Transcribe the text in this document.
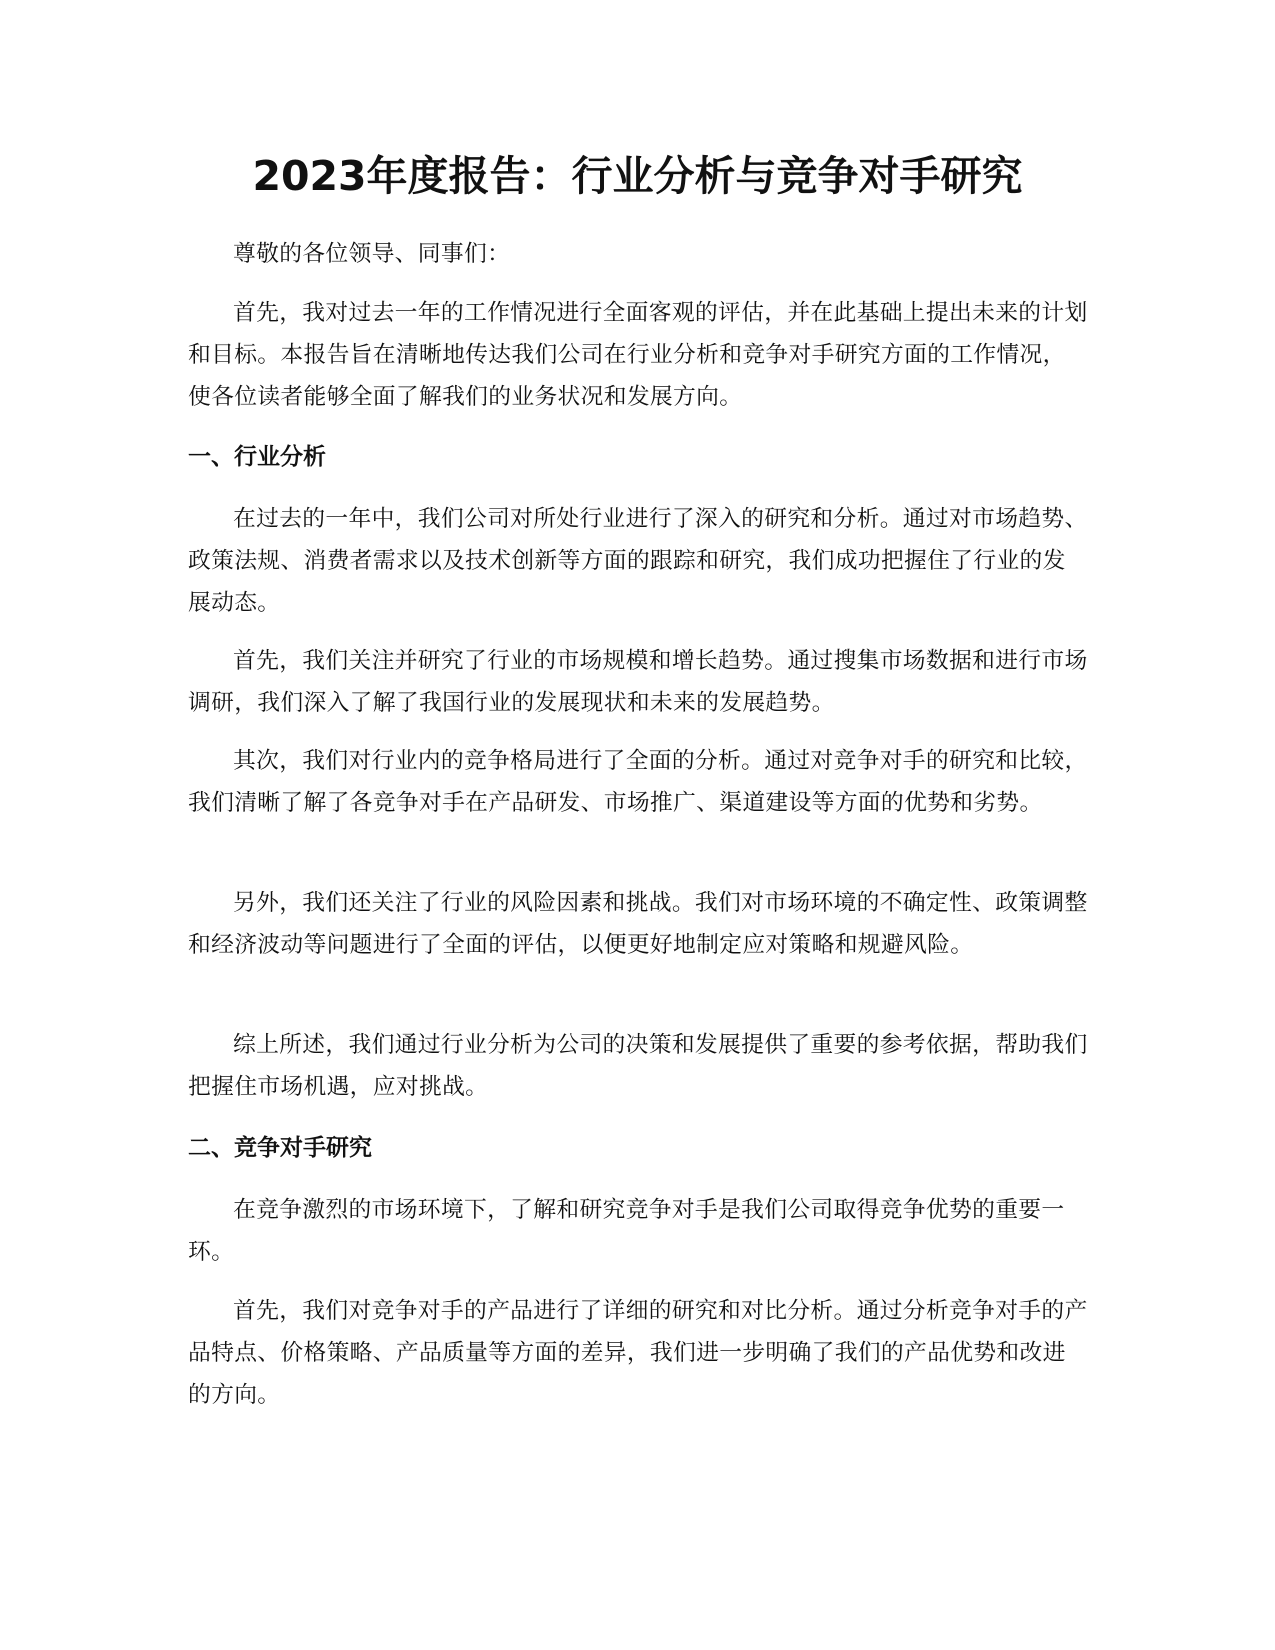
2023年度报告：行业分析与竞争对手研究

尊敬的各位领导、同事们：

首先，我对过去一年的工作情况进行全面客观的评估，并在此基础上提出未来的计划和目标。本报告旨在清晰地传达我们公司在行业分析和竞争对手研究方面的工作情况，使各位读者能够全面了解我们的业务状况和发展方向。

一、行业分析

在过去的一年中，我们公司对所处行业进行了深入的研究和分析。通过对市场趋势、政策法规、消费者需求以及技术创新等方面的跟踪和研究，我们成功把握住了行业的发展动态。

首先，我们关注并研究了行业的市场规模和增长趋势。通过搜集市场数据和进行市场调研，我们深入了解了我国行业的发展现状和未来的发展趋势。

其次，我们对行业内的竞争格局进行了全面的分析。通过对竞争对手的研究和比较，我们清晰了解了各竞争对手在产品研发、市场推广、渠道建设等方面的优势和劣势。

另外，我们还关注了行业的风险因素和挑战。我们对市场环境的不确定性、政策调整和经济波动等问题进行了全面的评估，以便更好地制定应对策略和规避风险。

综上所述，我们通过行业分析为公司的决策和发展提供了重要的参考依据，帮助我们把握住市场机遇，应对挑战。

二、竞争对手研究

在竞争激烈的市场环境下，了解和研究竞争对手是我们公司取得竞争优势的重要一环。

首先，我们对竞争对手的产品进行了详细的研究和对比分析。通过分析竞争对手的产品特点、价格策略、产品质量等方面的差异，我们进一步明确了我们的产品优势和改进的方向。
